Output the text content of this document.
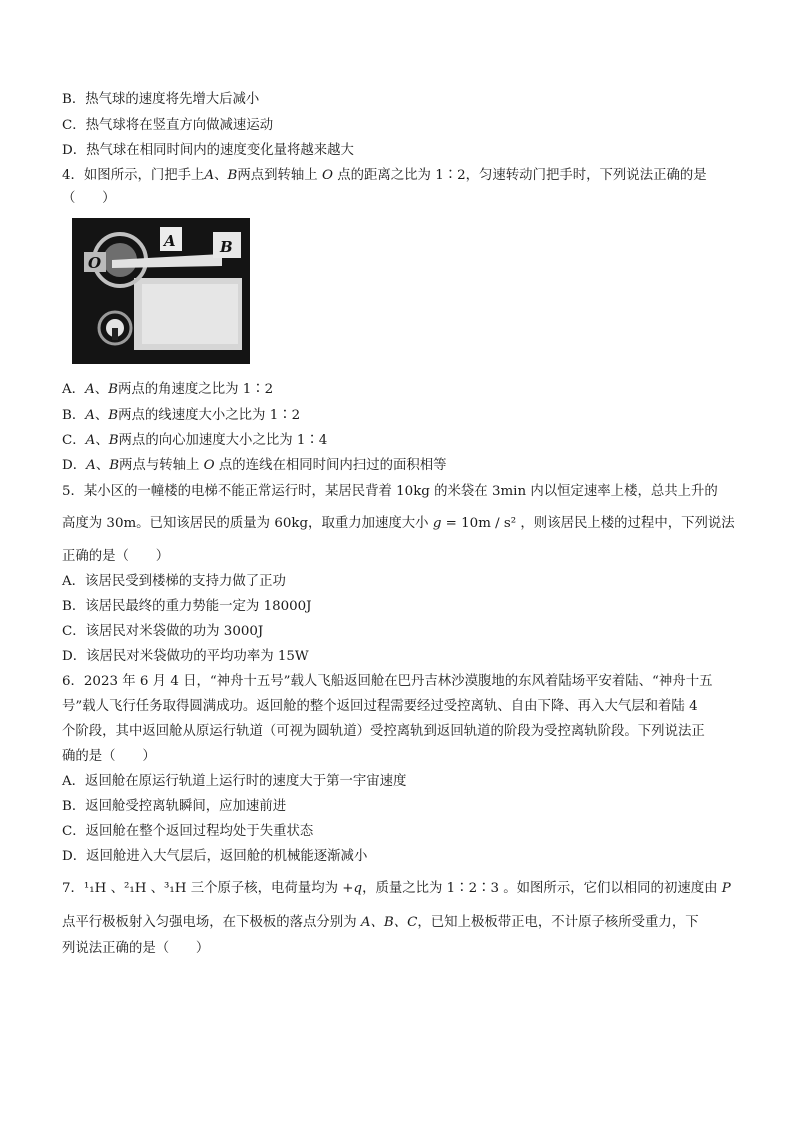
B．热气球的速度将先增大后减小
C．热气球将在竖直方向做减速运动
D．热气球在相同时间内的速度变化量将越来越大
4．如图所示，门把手上A、B两点到转轴上 O 点的距离之比为 1∶2，匀速转动门把手时，下列说法正确的是
（　　）
O
A	B
A．A、B两点的角速度之比为 1∶2
B．A、B两点的线速度大小之比为 1∶2
C．A、B两点的向心加速度大小之比为 1∶4
D．A、B两点与转轴上 O 点的连线在相同时间内扫过的面积相等
5．某小区的一幢楼的电梯不能正常运行时，某居民背着 10kg 的米袋在 3min 内以恒定速率上楼，总共上升的
高度为 30m。已知该居民的质量为 60kg，取重力加速度大小 g = 10m / s² ，则该居民上楼的过程中，下列说法
正确的是（　　）
A．该居民受到楼梯的支持力做了正功
B．该居民最终的重力势能一定为 18000J
C．该居民对米袋做的功为 3000J
D．该居民对米袋做功的平均功率为 15W
6．2023 年 6 月 4 日，“神舟十五号”载人飞船返回舱在巴丹吉林沙漠腹地的东风着陆场平安着陆、“神舟十五
号”载人飞行任务取得圆满成功。返回舱的整个返回过程需要经过受控离轨、自由下降、再入大气层和着陆 4
个阶段，其中返回舱从原运行轨道（可视为圆轨道）受控离轨到返回轨道的阶段为受控离轨阶段。下列说法正
确的是（　　）
A．返回舱在原运行轨道上运行时的速度大于第一宇宙速度
B．返回舱受控离轨瞬间，应加速前进
C．返回舱在整个返回过程均处于失重状态
D．返回舱进入大气层后，返回舱的机械能逐渐减小
7．¹₁H 、²₁H 、³₁H 三个原子核，电荷量均为 +q，质量之比为 1∶2∶3 。如图所示，它们以相同的初速度由 P
点平行极板射入匀强电场，在下极板的落点分别为 A、B、C，已知上极板带正电，不计原子核所受重力，下
列说法正确的是（　　）
